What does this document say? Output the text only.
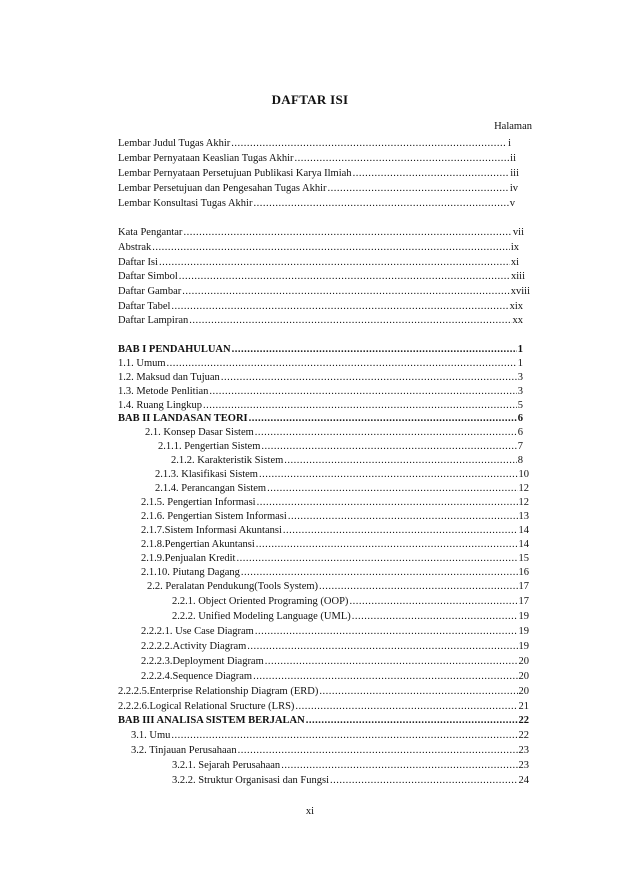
DAFTAR ISI
Halaman
Lembar Judul Tugas Akhir .....	i
Lembar Pernyataan Keaslian Tugas Akhir .....	ii
Lembar Pernyataan Persetujuan Publikasi Karya Ilmiah .....	iii
Lembar Persetujuan dan Pengesahan Tugas Akhir .....	iv
Lembar Konsultasi Tugas Akhir .....	v
Kata Pengantar .....	vii
Abstrak .....	ix
Daftar Isi .....	xi
Daftar Simbol .....	xiii
Daftar Gambar .....	xviii
Daftar Tabel .....	xix
Daftar Lampiran .....	xx
BAB I PENDAHULUAN .....	1
1.1. Umum .....	1
1.2. Maksud dan Tujuan .....	3
1.3. Metode Penlitian .....	3
1.4. Ruang Lingkup .....	5
BAB II LANDASAN TEORI .....	6
2.1. Konsep Dasar Sistem .....	6
2.1.1. Pengertian Sistem .....	7
2.1.2. Karakteristik Sistem .....	8
2.1.3. Klasifikasi Sistem .....	10
2.1.4. Perancangan Sistem .....	12
2.1.5. Pengertian Informasi .....	12
2.1.6. Pengertian Sistem Informasi .....	13
2.1.7.Sistem Informasi Akuntansi .....	14
2.1.8.Pengertian Akuntansi .....	14
2.1.9.Penjualan Kredit .....	15
2.1.10. Piutang Dagang .....	16
2.2. Peralatan Pendukung(Tools System) .....	17
2.2.1. Object Oriented Programing (OOP) .....	17
2.2.2. Unified Modeling Language (UML) .....	19
2.2.2.1. Use Case Diagram .....	19
2.2.2.2.Activity Diagram .....	19
2.2.2.3.Deployment Diagram .....	20
2.2.2.4.Sequence Diagram .....	20
2.2.2.5.Enterprise Relationship Diagram (ERD) .....	20
2.2.2.6.Logical Relational Sructure (LRS) .....	21
BAB III ANALISA SISTEM BERJALAN .....	22
3.1. Umu .....	22
3.2. Tinjauan Perusahaan .....	23
3.2.1. Sejarah Perusahaan .....	23
3.2.2. Struktur Organisasi dan Fungsi .....	24
xi
